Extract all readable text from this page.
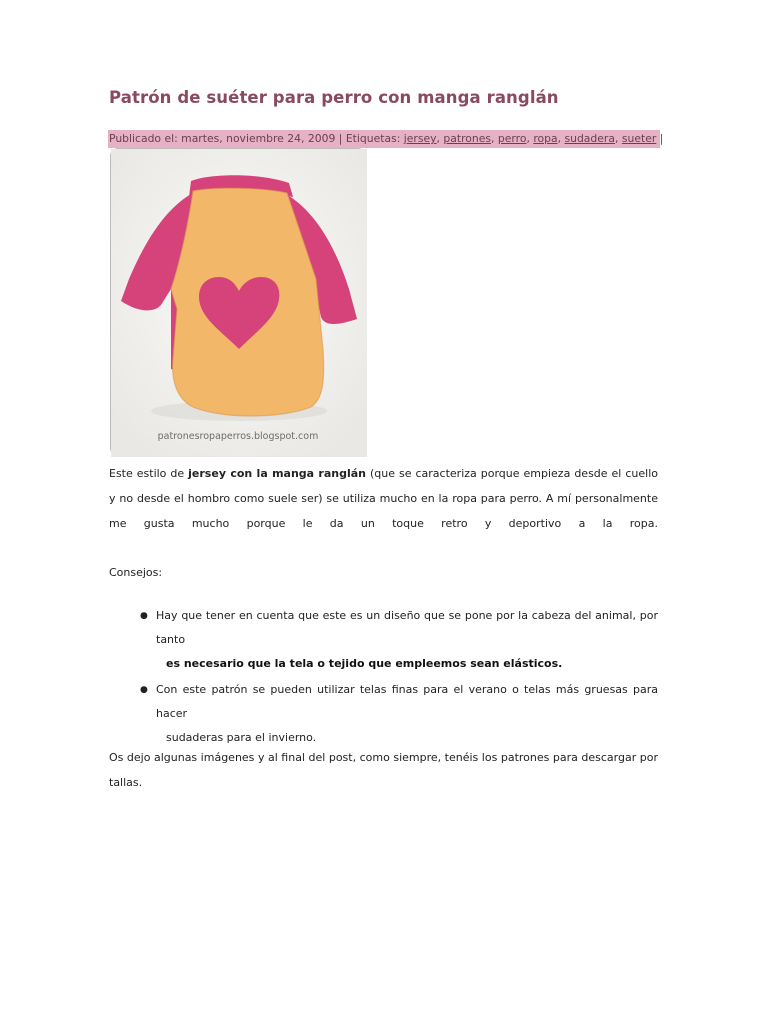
Patrón de suéter para perro con manga ranglán
Publicado el: martes, noviembre 24, 2009 | Etiquetas: jersey, patrones, perro, ropa, sudadera, sueter |
patronesropaperros.blogspot.com

Este estilo de jersey con la manga ranglán (que se caracteriza porque empieza desde el cuello y no desde el hombro como suele ser) se utiliza mucho en la ropa para perro. A mí personalmente me gusta mucho porque le da un toque retro y deportivo a la ropa.

Consejos:

● Hay que tener en cuenta que este es un diseño que se pone por la cabeza del animal, por tanto
es necesario que la tela o tejido que empleemos sean elásticos.
● Con este patrón se pueden utilizar telas finas para el verano o telas más gruesas para hacer
sudaderas para el invierno.

Os dejo algunas imágenes y al final del post, como siempre, tenéis los patrones para descargar por tallas.
